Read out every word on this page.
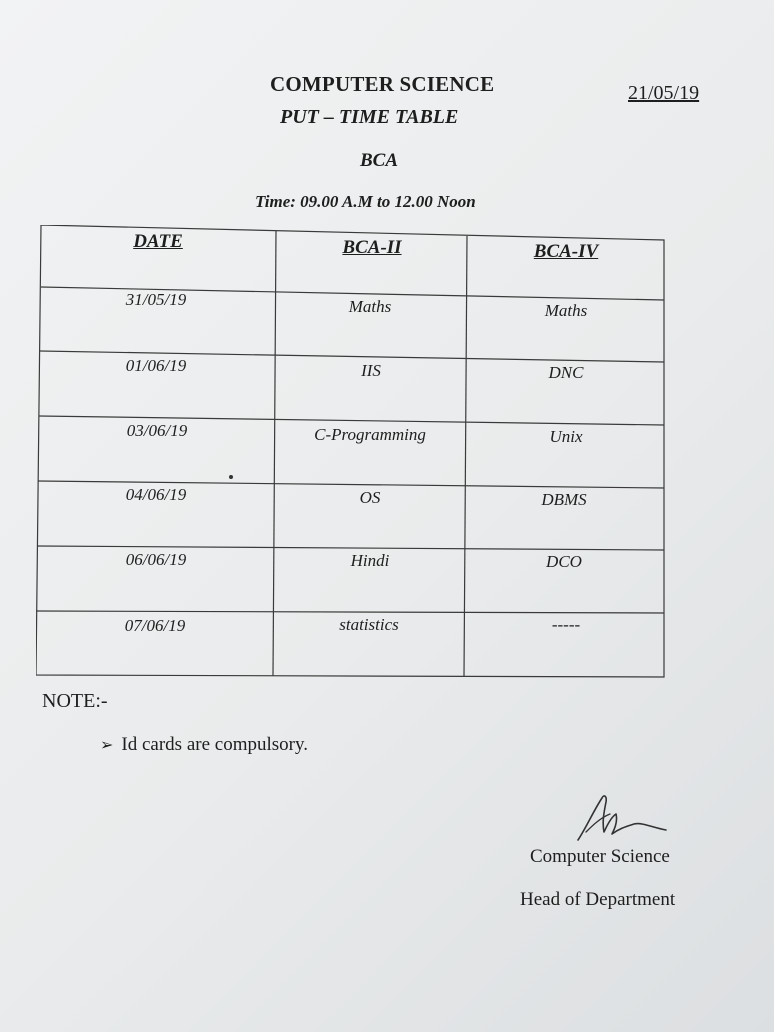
COMPUTER SCIENCE	21/05/19
PUT – TIME TABLE
BCA
Time: 09.00 A.M to 12.00 Noon
DATE	BCA-II	BCA-IV
31/05/19	Maths	Maths
01/06/19	IIS	DNC
03/06/19	C-Programming	Unix
04/06/19	OS	DBMS
06/06/19	Hindi	DCO
07/06/19	statistics	-----
NOTE:-
➢ Id cards are compulsory.
Computer Science
Head of Department
